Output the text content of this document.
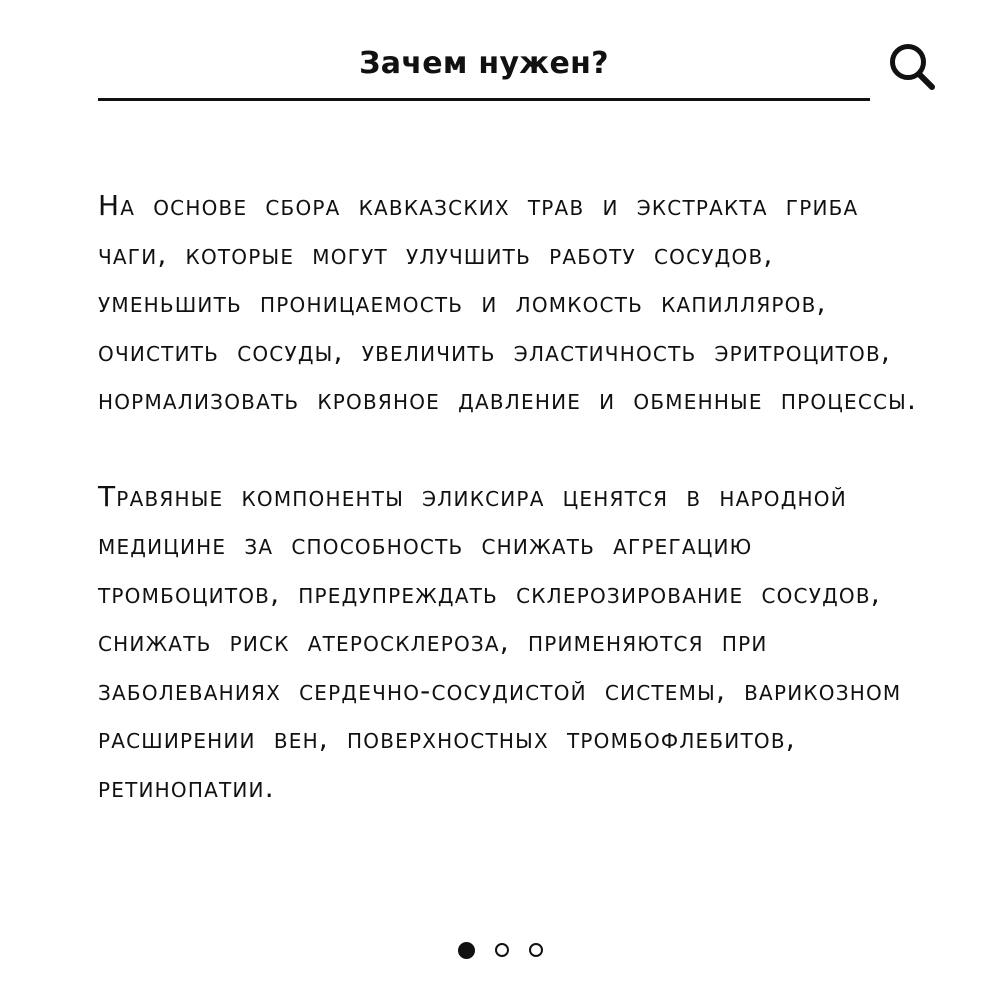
Зачем нужен?

На основе сбора кавказских трав и экстракта гриба чаги, которые могут улучшить работу сосудов, уменьшить проницаемость и ломкость капилляров, очистить сосуды, увеличить эластичность эритроцитов, нормализовать кровяное давление и обменные процессы.

Травяные компоненты эликсира ценятся в народной медицине за способность снижать агрегацию тромбоцитов, предупреждать склерозирование сосудов, снижать риск атеросклероза, применяются при заболеваниях сердечно-сосудистой системы, варикозном расширении вен, поверхностных тромбофлебитов, ретинопатии.
